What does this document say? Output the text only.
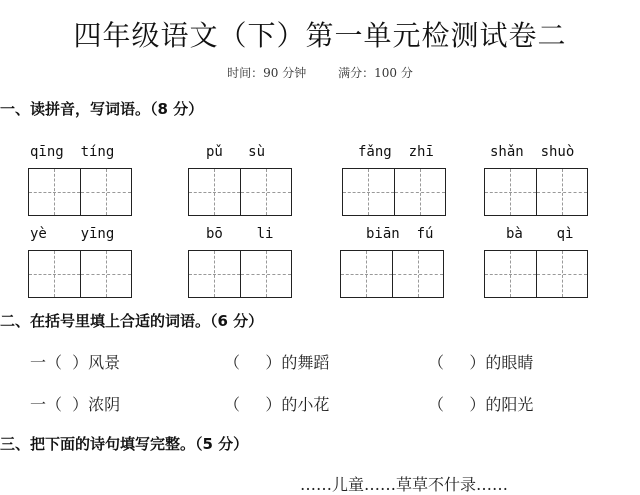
四年级语文（下）第一单元检测试卷二
时间：90 分钟	满分：100 分
一、读拼音，写词语。（8 分）
qīng  tíng	pǔ   sù	fǎng  zhī	shǎn  shuò
yè    yīng	bō    li	biān  fú	bà    qì
二、在括号里填上合适的词语。（6 分）
一（  ）风景	（     ）的舞蹈	（     ）的眼睛
一（  ）浓阴	（     ）的小花	（     ）的阳光
三、把下面的诗句填写完整。（5 分）
……儿童……草草不什录……
